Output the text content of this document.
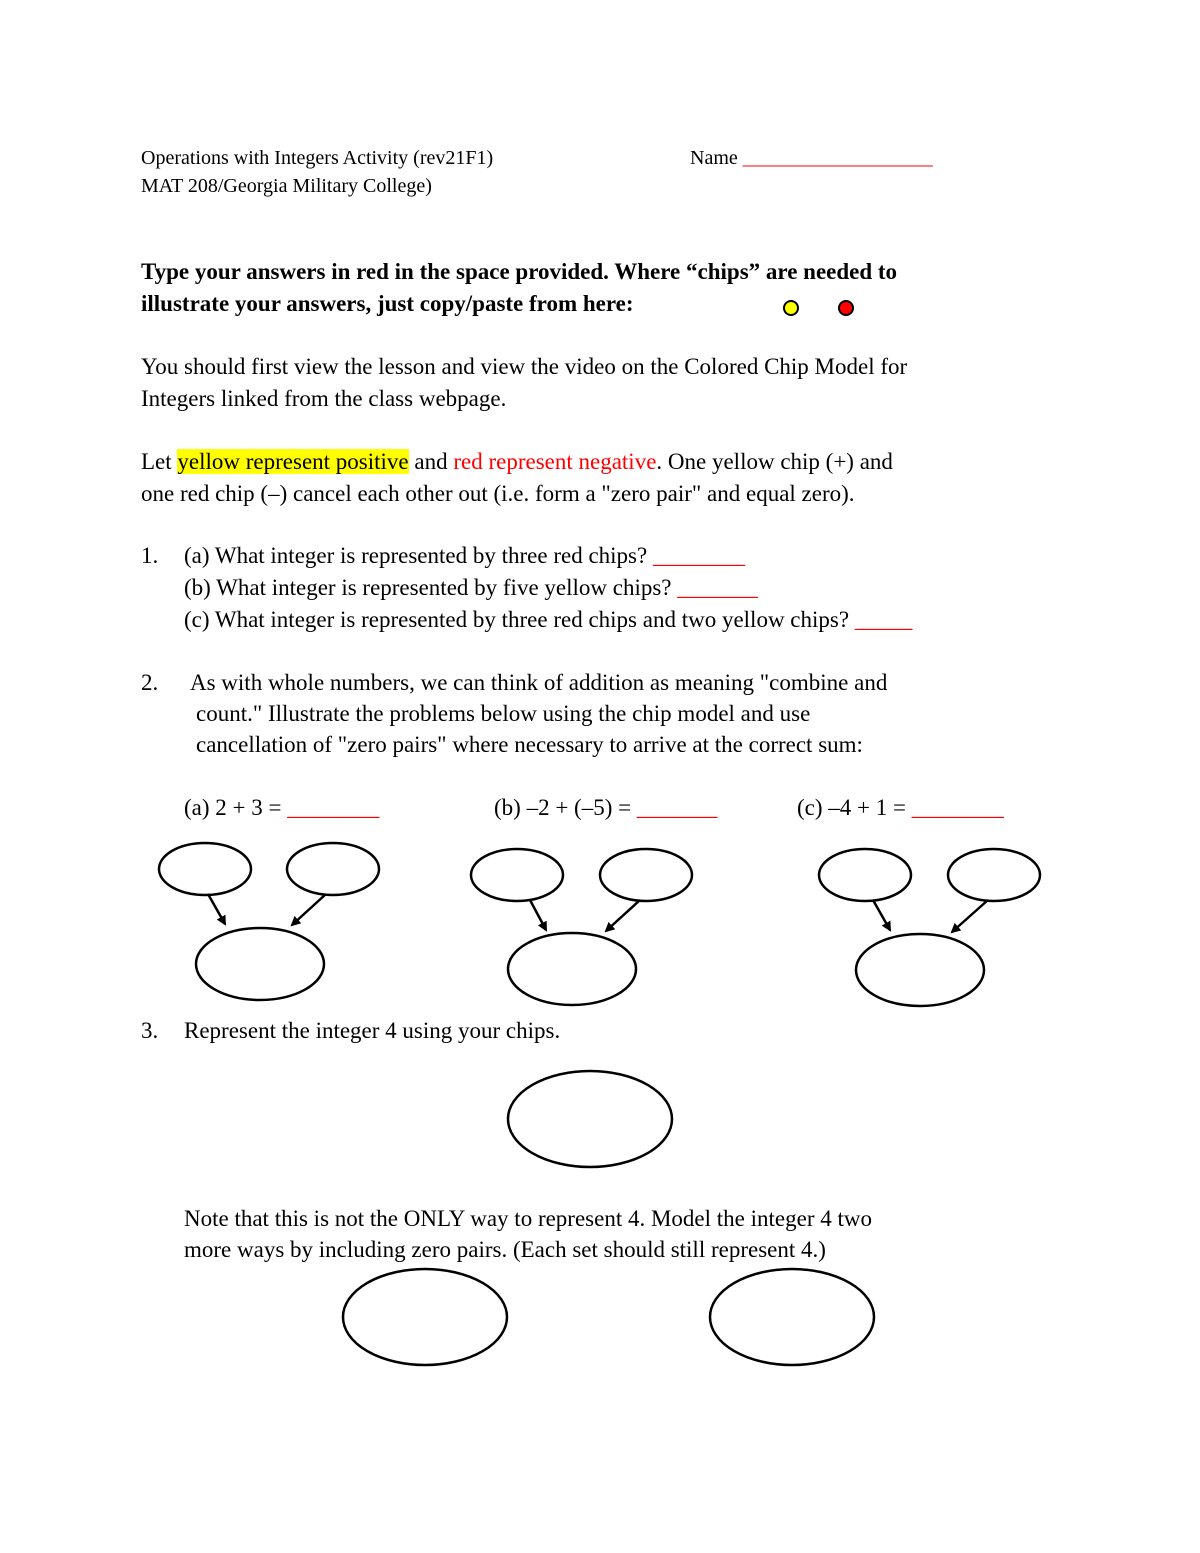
Operations with Integers Activity (rev21F1)
MAT 208/Georgia Military College)
Name ___________________
Type your answers in red in the space provided. Where “chips” are needed to
illustrate your answers, just copy/paste from here:
You should first view the lesson and view the video on the Colored Chip Model for
Integers linked from the class webpage.
Let yellow represent positive and red represent negative. One yellow chip (+) and
one red chip (–) cancel each other out (i.e. form a "zero pair" and equal zero).
1. (a) What integer is represented by three red chips? ________
(b) What integer is represented by five yellow chips? _______
(c) What integer is represented by three red chips and two yellow chips? _____
2. As with whole numbers, we can think of addition as meaning "combine and
count." Illustrate the problems below using the chip model and use
cancellation of "zero pairs" where necessary to arrive at the correct sum:
(a) 2 + 3 = ________	(b) –2 + (–5) = _______	(c) –4 + 1 = ________
3. Represent the integer 4 using your chips.
Note that this is not the ONLY way to represent 4. Model the integer 4 two
more ways by including zero pairs. (Each set should still represent 4.)
